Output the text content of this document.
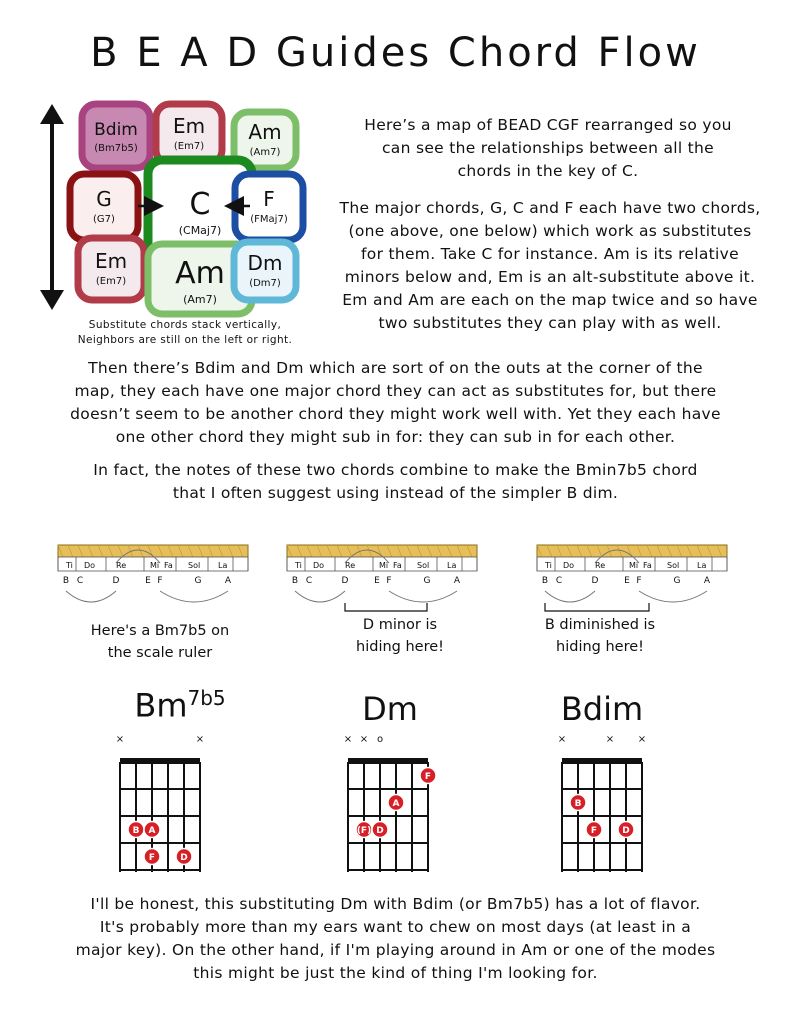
B E A D Guides Chord Flow
Bdim
(Bm7b5)
Em
(Em7)
Am
(Am7)
G
(G7) C
(CMaj7)
F
(FMaj7)
Em
(Em7) Am
(Am7)
Dm
(Dm7)
Substitute chords stack vertically,
Neighbors are still on the left or right.
Here’s a map of BEAD CGF rearranged so you
can see the relationships between all the
chords in the key of C.
The major chords, G, C and F each have two chords,
(one above, one below) which work as substitutes
for them. Take C for instance. Am is its relative
minors below and, Em is an alt-substitute above it.
Em and Am are each on the map twice and so have
two substitutes they can play with as well.
Then there’s Bdim and Dm which are sort of on the outs at the corner of the
map, they each have one major chord they can act as substitutes for, but there
doesn’t seem to be another chord they might work well with. Yet they each have
one other chord they might sub in for: they can sub in for each other.
In fact, the notes of these two chords combine to make the Bmin7b5 chord
that I often suggest using instead of the simpler B dim.
Ti Do	Re	Mi Fa Sol La
B C	D	E F	G	A
Ti Do	Re	Mi Fa Sol La
B C	D	E F	G	A
Ti Do	Re	Mi Fa Sol La
B C	D	E F	G	A
Here's a Bm7b5 on
the scale ruler
D minor is
hiding here!
B diminished is
hiding here!
$Bm^{7b5}$	Dm	Bdim
×	×
B A
F	D
× × o
F
A
(F) D
×	× ×
B
F	D
I'll be honest, this substituting Dm with Bdim (or Bm7b5) has a lot of flavor.
It's probably more than my ears want to chew on most days (at least in a
major key). On the other hand, if I'm playing around in Am or one of the modes
this might be just the kind of thing I'm looking for.
